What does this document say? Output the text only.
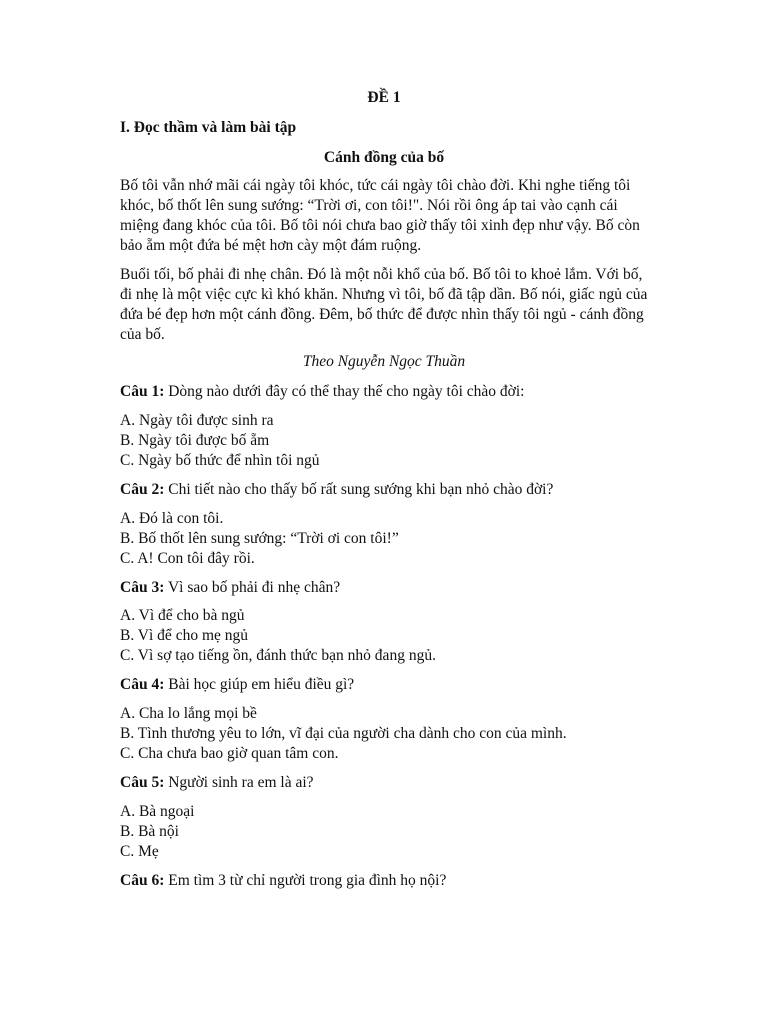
ĐỀ 1
I. Đọc thầm và làm bài tập
Cánh đồng của bố
Bố tôi vẫn nhớ mãi cái ngày tôi khóc, tức cái ngày tôi chào đời. Khi nghe tiếng tôi
khóc, bố thốt lên sung sướng: “Trời ơi, con tôi!". Nói rồi ông áp tai vào cạnh cái
miệng đang khóc của tôi. Bố tôi nói chưa bao giờ thấy tôi xinh đẹp như vậy. Bố còn
bảo ẵm một đứa bé mệt hơn cày một đám ruộng.
Buổi tối, bố phải đi nhẹ chân. Đó là một nỗi khổ của bố. Bố tôi to khoẻ lắm. Với bố,
đi nhẹ là một việc cực kì khó khăn. Nhưng vì tôi, bố đã tập dần. Bố nói, giấc ngủ của
đứa bé đẹp hơn một cánh đồng. Đêm, bố thức để được nhìn thấy tôi ngủ - cánh đồng
của bố.
Theo Nguyễn Ngọc Thuần
Câu 1: Dòng nào dưới đây có thể thay thế cho ngày tôi chào đời:
A. Ngày tôi được sinh ra
B. Ngày tôi được bố ẵm
C. Ngày bố thức để nhìn tôi ngủ
Câu 2: Chi tiết nào cho thấy bố rất sung sướng khi bạn nhỏ chào đời?
A. Đó là con tôi.
B. Bố thốt lên sung sướng: “Trời ơi con tôi!”
C. A! Con tôi đây rồi.
Câu 3: Vì sao bố phải đi nhẹ chân?
A. Vì để cho bà ngủ
B. Vì để cho mẹ ngủ
C. Vì sợ tạo tiếng ồn, đánh thức bạn nhỏ đang ngủ.
Câu 4: Bài học giúp em hiểu điều gì?
A. Cha lo lắng mọi bề
B. Tình thương yêu to lớn, vĩ đại của người cha dành cho con của mình.
C. Cha chưa bao giờ quan tâm con.
Câu 5: Người sinh ra em là ai?
A. Bà ngoại
B. Bà nội
C. Mẹ
Câu 6: Em tìm 3 từ chỉ người trong gia đình họ nội?
